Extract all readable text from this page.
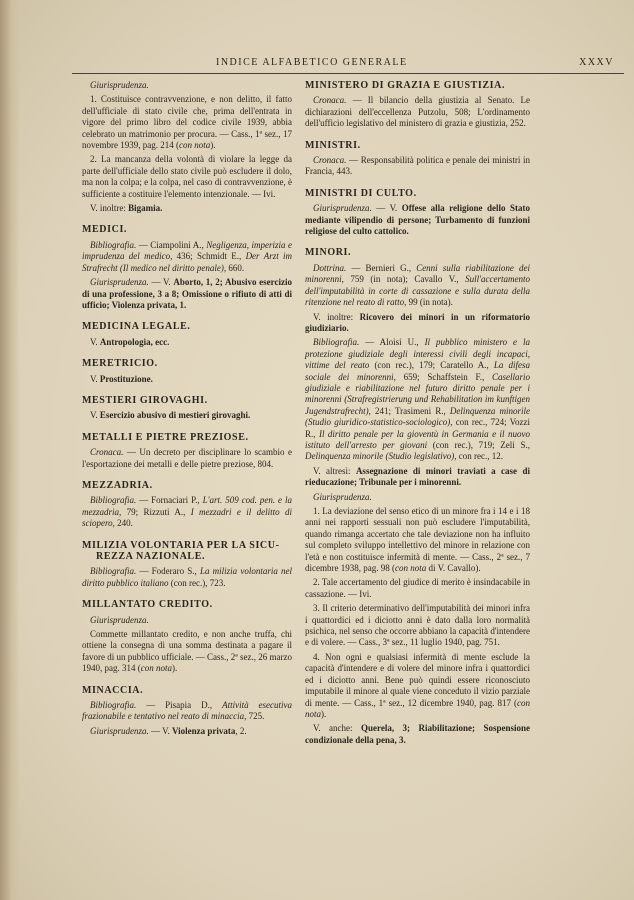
INDICE ALFABETICO GENERALE	XXXV

Giurisprudenza.

1. Costituisce contravvenzione, e non delitto, il fatto dell'ufficiale di stato civile che, prima dell'entrata in vigore del primo libro del codice civile 1939, abbia celebrato un matrimonio per procura. — Cass., 1ª sez., 17 novembre 1939, pag. 214 (con nota).

2. La mancanza della volontà di violare la legge da parte dell'ufficiale dello stato civile può escludere il dolo, ma non la colpa; e la colpa, nel caso di contravvenzione, è sufficiente a costituire l'elemento intenzionale. — Ivi.

V. inoltre: Bigamia.

MEDICI.

Bibliografia. — Ciampolini A., Negligenza, imperizia e imprudenza del medico, 436; Schmidt E., Der Arzt im Strafrecht (Il medico nel diritto penale), 660.

Giurisprudenza. — V. Aborto, 1, 2; Abusivo esercizio di una professione, 3 a 8; Omissione o rifiuto di atti di ufficio; Violenza privata, 1.

MEDICINA LEGALE.

V. Antropologia, ecc.

MERETRICIO.

V. Prostituzione.

MESTIERI GIROVAGHI.

V. Esercizio abusivo di mestieri girovaghi.

METALLI E PIETRE PREZIOSE.

Cronaca. — Un decreto per disciplinare lo scambio e l'esportazione dei metalli e delle pietre preziose, 804.

MEZZADRIA.

Bibliografia. — Fornaciari P., L'art. 509 cod. pen. e la mezzadria, 79; Rizzuti A., I mezzadri e il delitto di sciopero, 240.

MILIZIA VOLONTARIA PER LA SICU-
REZZA NAZIONALE.

Bibliografia. — Foderaro S., La milizia volontaria nel diritto pubblico italiano (con rec.), 723.

MILLANTATO CREDITO.

Giurisprudenza.

Commette millantato credito, e non anche truffa, chi ottiene la consegna di una somma destinata a pagare il favore di un pubblico ufficiale. — Cass., 2ª sez., 26 marzo 1940, pag. 314 (con nota).

MINACCIA.

Bibliografia. — Pisapia D., Attività esecutiva frazionabile e tentativo nel reato di minaccia, 725.

Giurisprudenza. — V. Violenza privata, 2.

MINISTERO DI GRAZIA E GIUSTIZIA.

Cronaca. — Il bilancio della giustizia al Senato. Le dichiarazioni dell'eccellenza Putzolu, 508; L'ordinamento dell'ufficio legislativo del ministero di grazia e giustizia, 252.

MINISTRI.

Cronaca. — Responsabilità politica e penale dei ministri in Francia, 443.

MINISTRI DI CULTO.

Giurisprudenza. — V. Offese alla religione dello Stato mediante vilipendio di persone; Turbamento di funzioni religiose del culto cattolico.

MINORI.

Dottrina. — Bernieri G., Cenni sulla riabilitazione dei minorenni, 759 (in nota); Cavallo V., Sull'accertamento dell'imputabilità in corte di cassazione e sulla durata della ritenzione nel reato di ratto, 99 (in nota).

V. inoltre: Ricovero dei minori in un riformatorio giudiziario.

Bibliografia. — Aloisi U., Il pubblico ministero e la protezione giudiziale degli interessi civili degli incapaci, vittime del reato (con rec.), 179; Caratello A., La difesa sociale dei minorenni, 659; Schaffstein F., Casellario giudiziale e riabilitazione nel futuro diritto penale per i minorenni (Strafregistrierung und Rehabilitation im kunftigen Jugendstrafrecht), 241; Trasimeni R., Delinquenza minorile (Studio giuridico-statistico-sociologico), con rec., 724; Vozzi R., Il diritto penale per la gioventù in Germania e il nuovo istituto dell'arresto per giovani (con rec.), 719; Zeli S., Delinquenza minorile (Studio legislativo), con rec., 12.

V. altresì: Assegnazione di minori traviati a case di rieducazione; Tribunale per i minorenni.

Giurisprudenza.

1. La deviazione del senso etico di un minore fra i 14 e i 18 anni nei rapporti sessuali non può escludere l'imputabilità, quando rimanga accertato che tale deviazione non ha influito sul completo sviluppo intellettivo del minore in relazione con l'età e non costituisce infermità di mente. — Cass., 2ª sez., 7 dicembre 1938, pag. 98 (con nota di V. Cavallo).

2. Tale accertamento del giudice di merito è insindacabile in cassazione. — Ivi.

3. Il criterio determinativo dell'imputabilità dei minori infra i quattordici ed i diciotto anni è dato dalla loro normalità psichica, nel senso che occorre abbiano la capacità d'intendere e di volere. — Cass., 3ª sez., 11 luglio 1940, pag. 751.

4. Non ogni e qualsiasi infermità di mente esclude la capacità d'intendere e di volere del minore infra i quattordici ed i diciotto anni. Bene può quindi essere riconosciuto imputabile il minore al quale viene conceduto il vizio parziale di mente. — Cass., 1ª sez., 12 dicembre 1940, pag. 817 (con nota).

V. anche: Querela, 3; Riabilitazione; Sospensione condizionale della pena, 3.
